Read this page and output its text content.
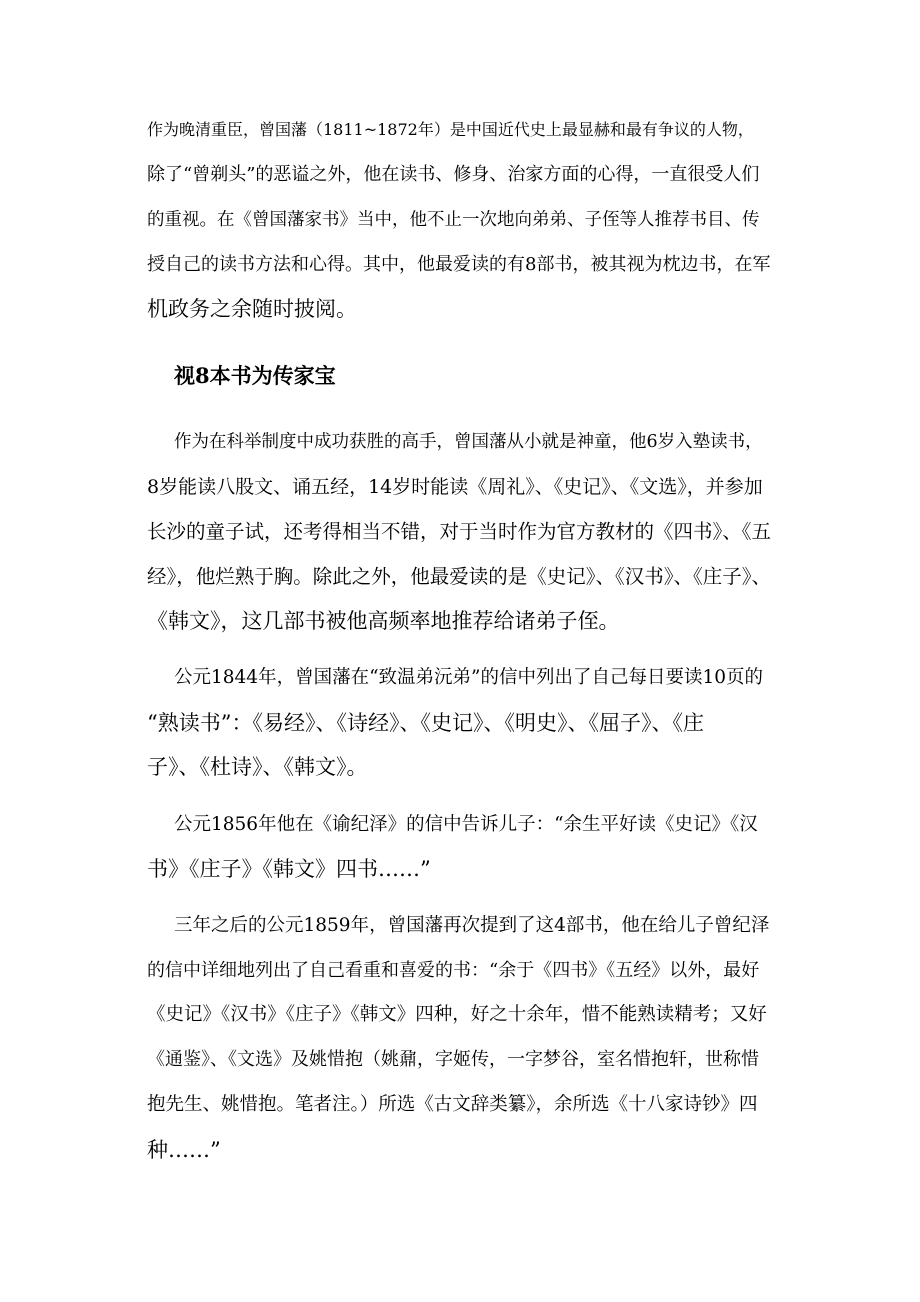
作为晚清重臣，曾国藩（1811~1872年）是中国近代史上最显赫和最有争议的人物，
除了“曾剃头”的恶谥之外，他在读书、修身、治家方面的心得，一直很受人们
的重视。在《曾国藩家书》当中，他不止一次地向弟弟、子侄等人推荐书目、传
授自己的读书方法和心得。其中，他最爱读的有8部书，被其视为枕边书，在军
机政务之余随时披阅。
视8本书为传家宝
作为在科举制度中成功获胜的高手，曾国藩从小就是神童，他6岁入塾读书，
8岁能读八股文、诵五经，14岁时能读《周礼》、《史记》、《文选》，并参加
长沙的童子试，还考得相当不错，对于当时作为官方教材的《四书》、《五
经》，他烂熟于胸。除此之外，他最爱读的是《史记》、《汉书》、《庄子》、
《韩文》，这几部书被他高频率地推荐给诸弟子侄。
公元1844年，曾国藩在“致温弟沅弟”的信中列出了自己每日要读10页的
“熟读书”：《易经》、《诗经》、《史记》、《明史》、《屈子》、《庄
子》、《杜诗》、《韩文》。
公元1856年他在《谕纪泽》的信中告诉儿子：“余生平好读《史记》《汉
书》《庄子》《韩文》四书……”
三年之后的公元1859年，曾国藩再次提到了这4部书，他在给儿子曾纪泽
的信中详细地列出了自己看重和喜爱的书：“余于《四书》《五经》以外，最好
《史记》《汉书》《庄子》《韩文》四种，好之十余年，惜不能熟读精考；又好
《通鉴》、《文选》及姚惜抱（姚鼐，字姬传，一字梦谷，室名惜抱轩，世称惜
抱先生、姚惜抱。笔者注。）所选《古文辞类纂》，余所选《十八家诗钞》四
种……”
